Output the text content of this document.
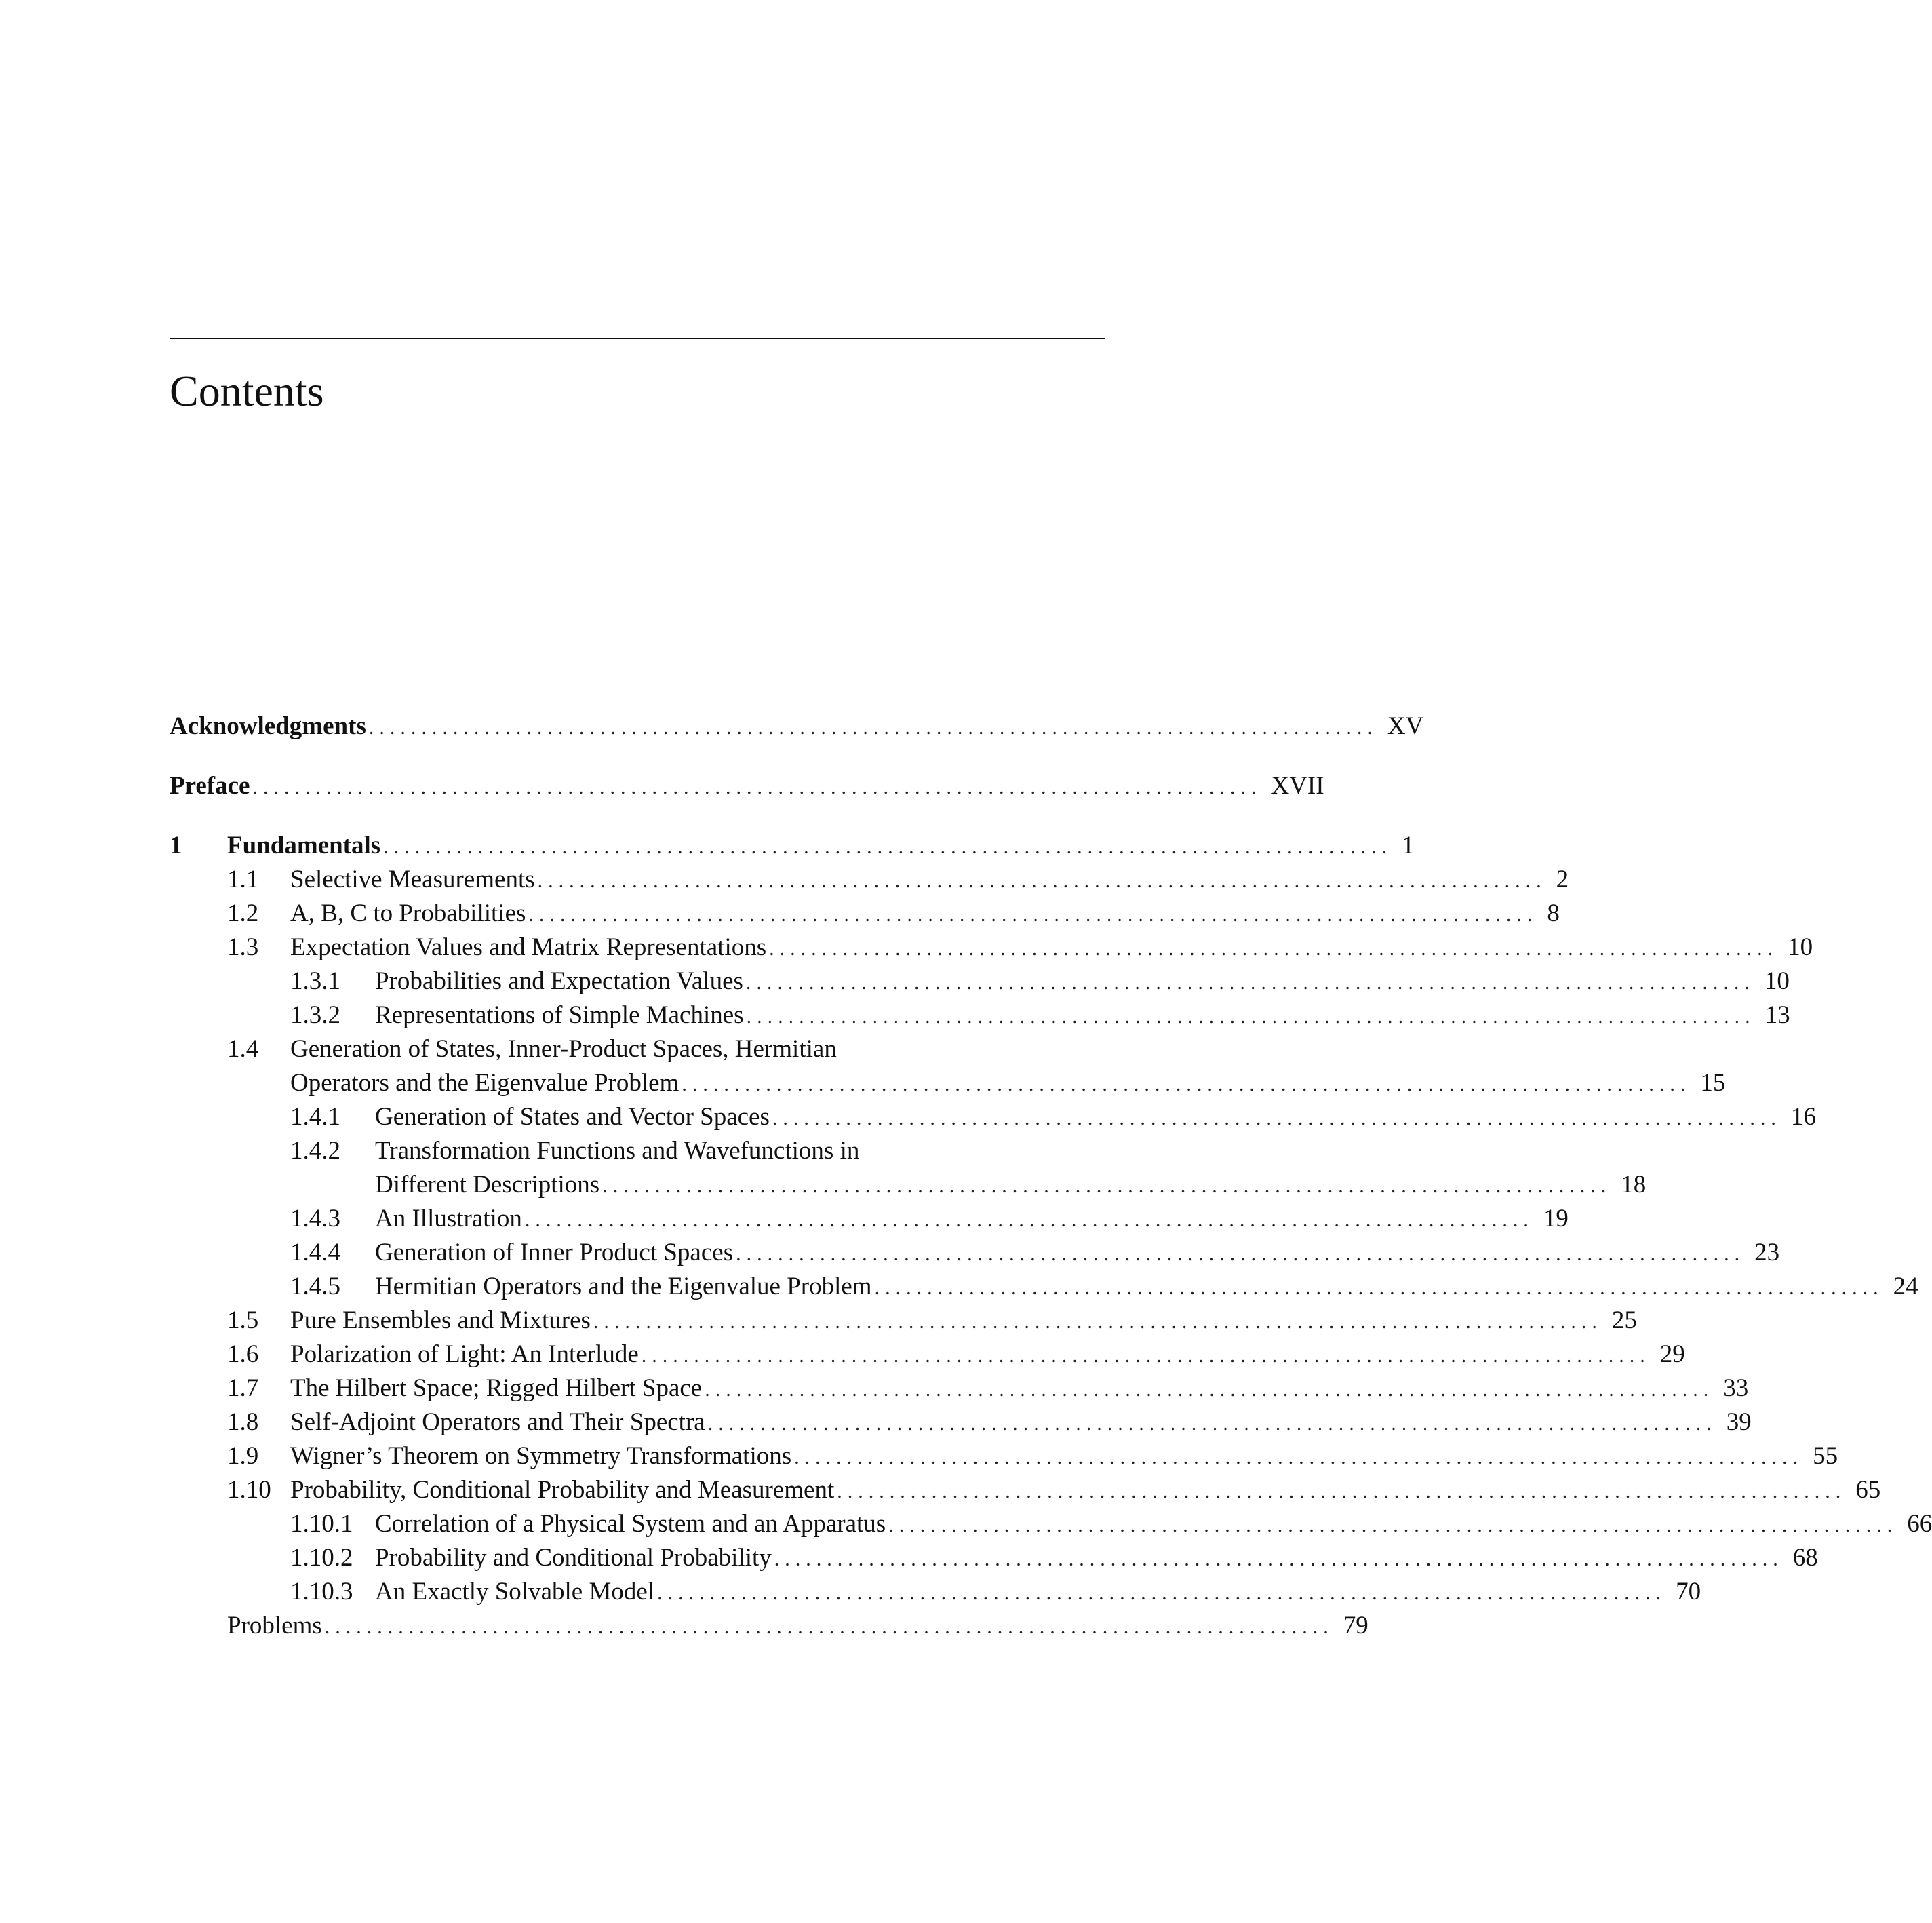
Contents
Acknowledgments ................................................................................................ XV
Preface ................................................................................................ XVII
1 Fundamentals ................................................................................................ 1
1.1 Selective Measurements ................................................................................................ 2
1.2 A, B, C to Probabilities ................................................................................................ 8
1.3 Expectation Values and Matrix Representations ................................................................................................ 10
1.3.1 Probabilities and Expectation Values ................................................................................................ 10
1.3.2 Representations of Simple Machines ................................................................................................ 13
1.4 Generation of States, Inner-Product Spaces, Hermitian
Operators and the Eigenvalue Problem ................................................................................................ 15
1.4.1 Generation of States and Vector Spaces ................................................................................................ 16
1.4.2 Transformation Functions and Wavefunctions in
Different Descriptions ................................................................................................ 18
1.4.3 An Illustration ................................................................................................ 19
1.4.4 Generation of Inner Product Spaces ................................................................................................ 23
1.4.5 Hermitian Operators and the Eigenvalue Problem ................................................................................................ 24
1.5 Pure Ensembles and Mixtures ................................................................................................ 25
1.6 Polarization of Light: An Interlude ................................................................................................ 29
1.7 The Hilbert Space; Rigged Hilbert Space ................................................................................................ 33
1.8 Self-Adjoint Operators and Their Spectra ................................................................................................ 39
1.9 Wigner’s Theorem on Symmetry Transformations ................................................................................................ 55
1.10 Probability, Conditional Probability and Measurement ................................................................................................ 65
1.10.1 Correlation of a Physical System and an Apparatus ................................................................................................ 66
1.10.2 Probability and Conditional Probability ................................................................................................ 68
1.10.3 An Exactly Solvable Model ................................................................................................ 70
Problems ................................................................................................ 79
